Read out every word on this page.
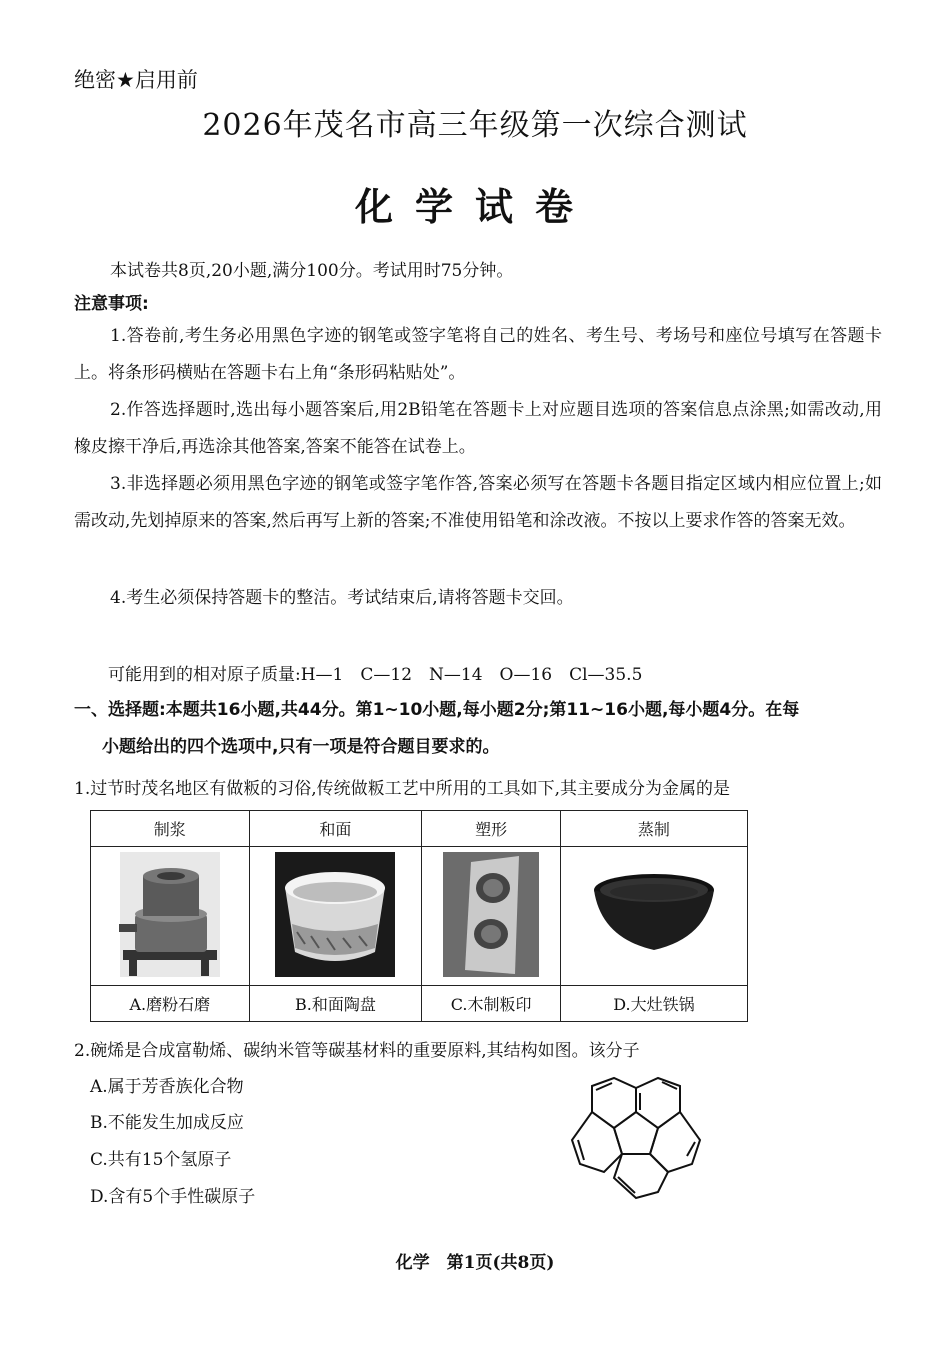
绝密★启用前
2026年茂名市高三年级第一次综合测试
化学试卷
本试卷共8页,20小题,满分100分。考试用时75分钟。
注意事项:
1.答卷前,考生务必用黑色字迹的钢笔或签字笔将自己的姓名、考生号、考场号和座位号填写在答题卡上。将条形码横贴在答题卡右上角“条形码粘贴处”。
2.作答选择题时,选出每小题答案后,用2B铅笔在答题卡上对应题目选项的答案信息点涂黑;如需改动,用橡皮擦干净后,再选涂其他答案,答案不能答在试卷上。
3.非选择题必须用黑色字迹的钢笔或签字笔作答,答案必须写在答题卡各题目指定区域内相应位置上;如需改动,先划掉原来的答案,然后再写上新的答案;不准使用铅笔和涂改液。不按以上要求作答的答案无效。
4.考生必须保持答题卡的整洁。考试结束后,请将答题卡交回。
可能用到的相对原子质量:H—1　C—12　N—14　O—16　Cl—35.5
一、选择题:本题共16小题,共44分。第1~10小题,每小题2分;第11~16小题,每小题4分。在每
小题给出的四个选项中,只有一项是符合题目要求的。
1.过节时茂名地区有做粄的习俗,传统做粄工艺中所用的工具如下,其主要成分为金属的是
制浆	和面	塑形	蒸制

A.磨粉石磨	B.和面陶盘	C.木制粄印	D.大灶铁锅
2.碗烯是合成富勒烯、碳纳米管等碳基材料的重要原料,其结构如图。该分子
A.属于芳香族化合物
B.不能发生加成反应
C.共有15个氢原子
D.含有5个手性碳原子
化学　第1页(共8页)
